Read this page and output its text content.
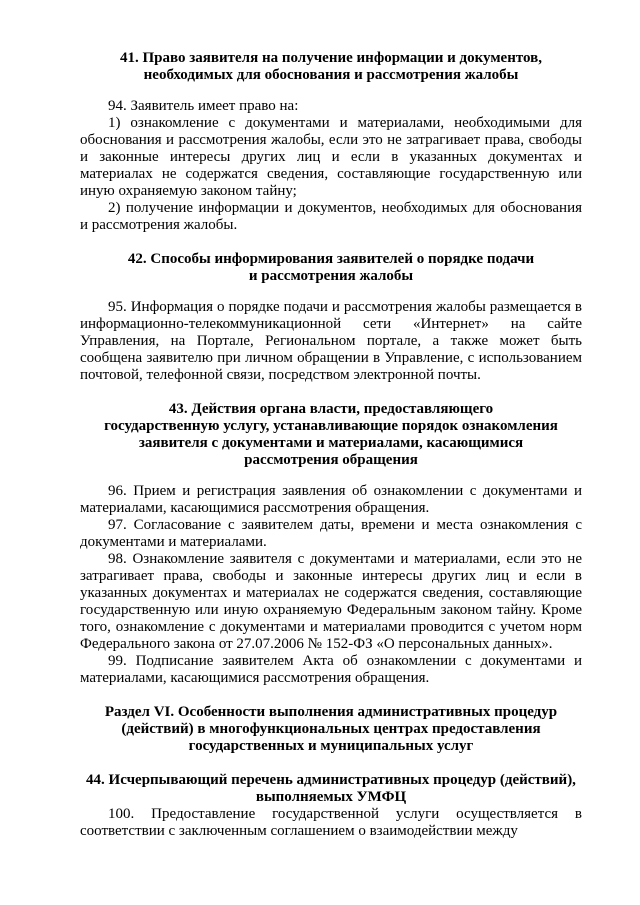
41. Право заявителя на получение информации и документов,
необходимых для обоснования и рассмотрения жалобы

94. Заявитель имеет право на:

1) ознакомление с документами и материалами, необходимыми для обоснования и рассмотрения жалобы, если это не затрагивает права, свободы и законные интересы других лиц и если в указанных документах и материалах не содержатся сведения, составляющие государственную или иную охраняемую законом тайну;

2) получение информации и документов, необходимых для обоснования и рассмотрения жалобы.

42. Способы информирования заявителей о порядке подачи
и рассмотрения жалобы

95. Информация о порядке подачи и рассмотрения жалобы размещается в информационно-телекоммуникационной сети «Интернет» на сайте Управления, на Портале, Региональном портале, а также может быть сообщена заявителю при личном обращении в Управление, с использованием почтовой, телефонной связи, посредством электронной почты.

43. Действия органа власти, предоставляющего
государственную услугу, устанавливающие порядок ознакомления
заявителя с документами и материалами, касающимися
рассмотрения обращения

96. Прием и регистрация заявления об ознакомлении с документами и материалами, касающимися рассмотрения обращения.

97. Согласование с заявителем даты, времени и места ознакомления с документами и материалами.

98. Ознакомление заявителя с документами и материалами, если это не затрагивает права, свободы и законные интересы других лиц и если в указанных документах и материалах не содержатся сведения, составляющие государственную или иную охраняемую Федеральным законом тайну. Кроме того, ознакомление с документами и материалами проводится с учетом норм Федерального закона от 27.07.2006 № 152-ФЗ «О персональных данных».

99. Подписание заявителем Акта об ознакомлении с документами и материалами, касающимися рассмотрения обращения.

Раздел VI. Особенности выполнения административных процедур
(действий) в многофункциональных центрах предоставления
государственных и муниципальных услуг
44. Исчерпывающий перечень административных процедур (действий),
выполняемых УМФЦ

100. Предоставление государственной услуги осуществляется в соответствии с заключенным соглашением о взаимодействии между
